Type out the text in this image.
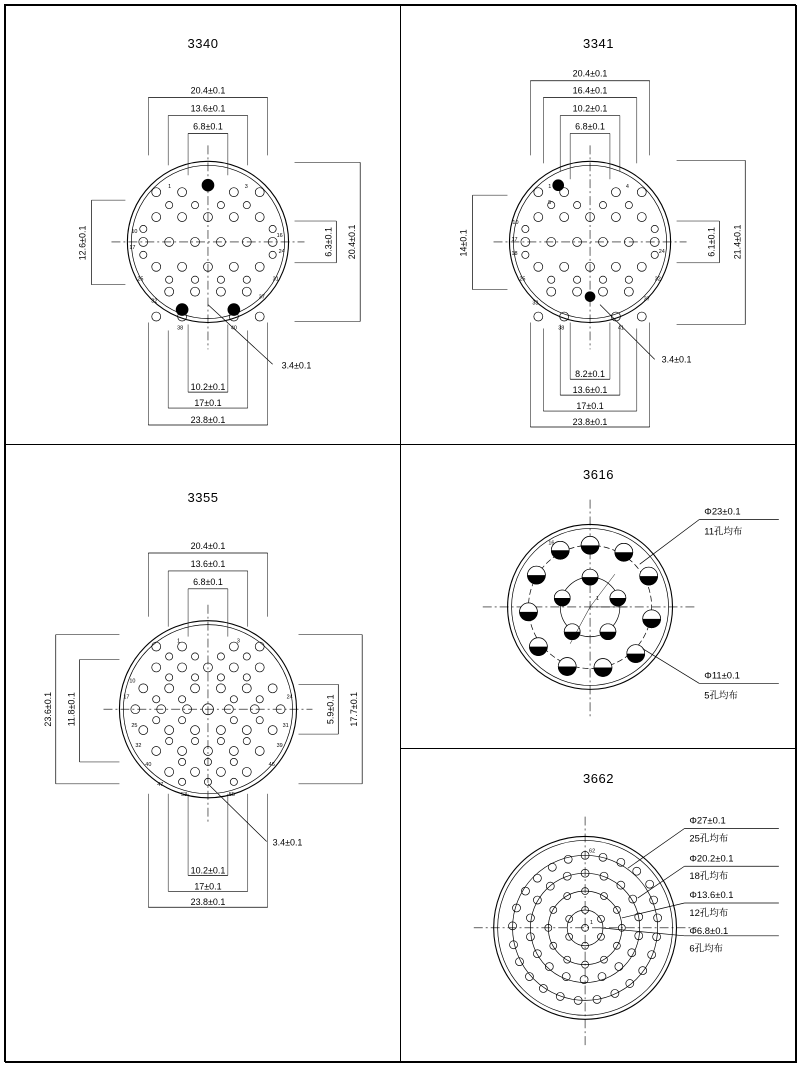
3340
1	3
10
17
16
24
25	31
32
37
38	40
20.4±0.1
13.6±0.1
6.8±0.1
12.6±0.1	6.3±0.1 20.4±0.1
3.4±0.1
10.2±0.1
17±0.1
23.8±0.1
3341
1	4
5
10
17
18	24
25	32
33
37
38	41
20.4±0.1
16.4±0.1
10.2±0.1
6.8±0.1
14±0.1	6.1±0.1 21.4±0.1
3.4±0.1
8.2±0.1
13.6±0.1
17±0.1
23.8±0.1
3355
1	3
10
17	24
25	31
32	39
40	46
47
53	55
20.4±0.1
13.6±0.1
6.8±0.1
23.6±0.1 11.8±0.1	5.9±0.1 17.7±0.1
3.4±0.1
10.2±0.1
17±0.1
23.8±0.1
3616
16
1
Φ23±0.1
11孔均布
Φ11±0.1
5孔均布
3662
62
1
Φ27±0.1
25孔均布
Φ20.2±0.1
18孔均布
Φ13.6±0.1
12孔均布
Φ6.8±0.1
6孔均布
